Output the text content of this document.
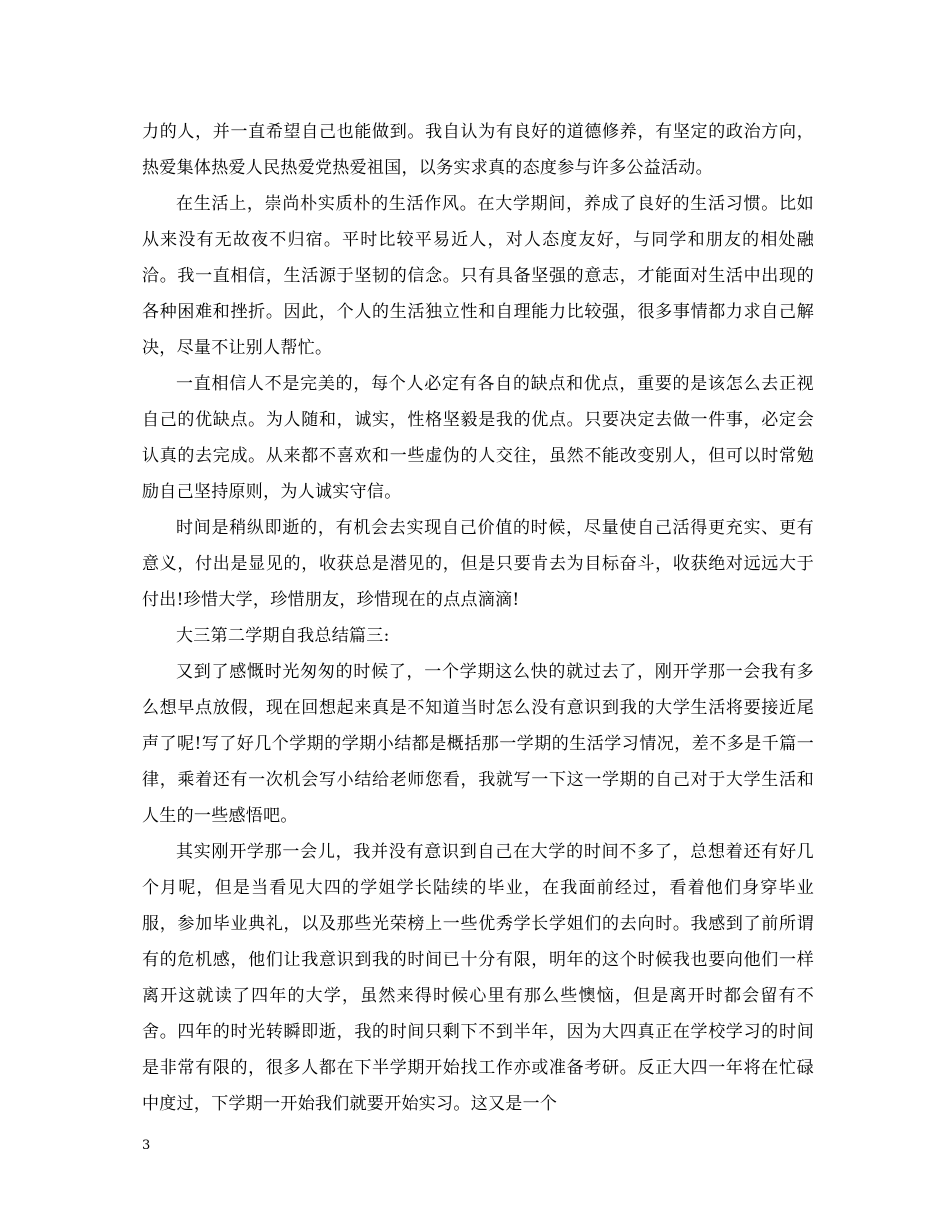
力的人，并一直希望自己也能做到。我自认为有良好的道德修养，有坚定的政治方向，热爱集体热爱人民热爱党热爱祖国，以务实求真的态度参与许多公益活动。

在生活上，崇尚朴实质朴的生活作风。在大学期间，养成了良好的生活习惯。比如从来没有无故夜不归宿。平时比较平易近人，对人态度友好，与同学和朋友的相处融洽。我一直相信，生活源于坚韧的信念。只有具备坚强的意志，才能面对生活中出现的各种困难和挫折。因此，个人的生活独立性和自理能力比较强，很多事情都力求自己解决，尽量不让别人帮忙。

一直相信人不是完美的，每个人必定有各自的缺点和优点，重要的是该怎么去正视自己的优缺点。为人随和，诚实，性格坚毅是我的优点。只要决定去做一件事，必定会认真的去完成。从来都不喜欢和一些虚伪的人交往，虽然不能改变别人，但可以时常勉励自己坚持原则，为人诚实守信。

时间是稍纵即逝的，有机会去实现自己价值的时候，尽量使自己活得更充实、更有意义，付出是显见的，收获总是潜见的，但是只要肯去为目标奋斗，收获绝对远远大于付出!珍惜大学，珍惜朋友，珍惜现在的点点滴滴!

大三第二学期自我总结篇三:

又到了感慨时光匆匆的时候了，一个学期这么快的就过去了，刚开学那一会我有多么想早点放假，现在回想起来真是不知道当时怎么没有意识到我的大学生活将要接近尾声了呢!写了好几个学期的学期小结都是概括那一学期的生活学习情况，差不多是千篇一律，乘着还有一次机会写小结给老师您看，我就写一下这一学期的自己对于大学生活和人生的一些感悟吧。

其实刚开学那一会儿，我并没有意识到自己在大学的时间不多了，总想着还有好几个月呢，但是当看见大四的学姐学长陆续的毕业，在我面前经过，看着他们身穿毕业服，参加毕业典礼，以及那些光荣榜上一些优秀学长学姐们的去向时。我感到了前所谓有的危机感，他们让我意识到我的时间已十分有限，明年的这个时候我也要向他们一样离开这就读了四年的大学，虽然来得时候心里有那么些懊恼，但是离开时都会留有不舍。四年的时光转瞬即逝，我的时间只剩下不到半年，因为大四真正在学校学习的时间是非常有限的，很多人都在下半学期开始找工作亦或准备考研。反正大四一年将在忙碌中度过，下学期一开始我们就要开始实习。这又是一个

3
